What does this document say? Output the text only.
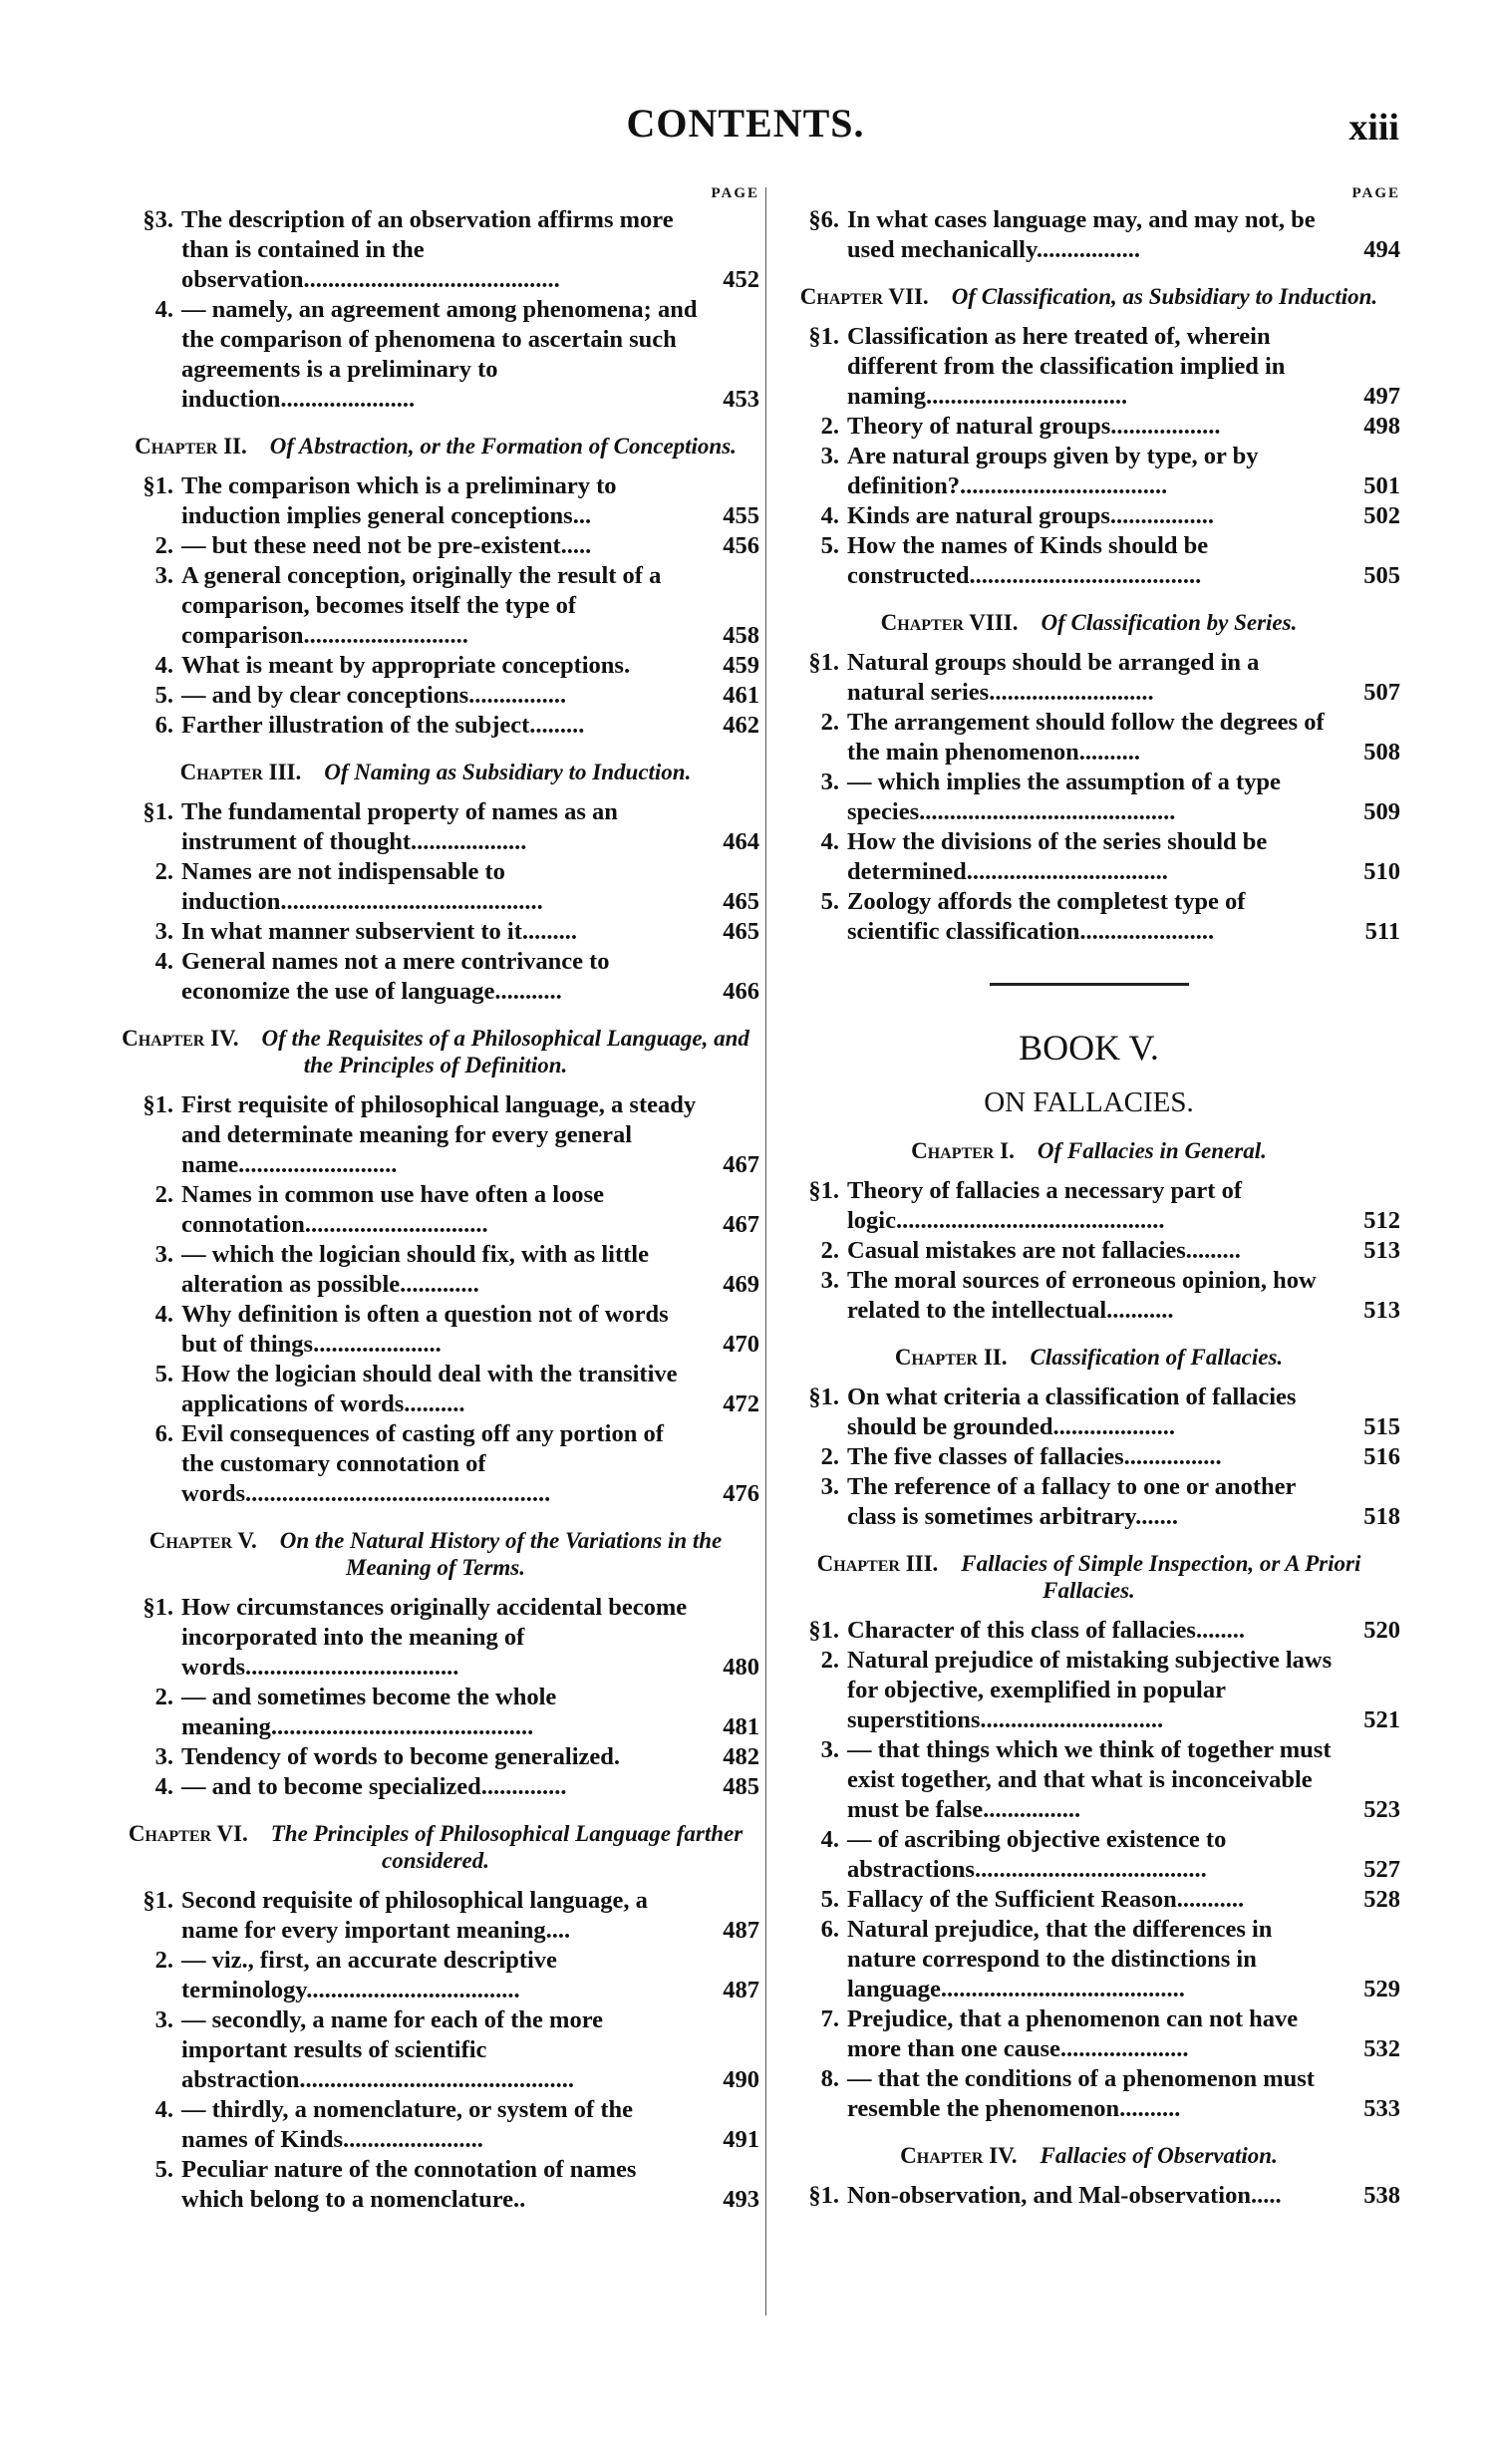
CONTENTS.	xiii
PAGE
§3. The description of an observation affirms more than is contained in the observation..........................................	452
4. — namely, an agreement among phenomena; and the comparison of phenomena to ascertain such agreements is a preliminary to induction......................	453
Chapter II.  Of Abstraction, or the Formation of Conceptions.
§1. The comparison which is a preliminary to induction implies general conceptions...	455
2. — but these need not be pre-existent.....	456
3. A general conception, originally the result of a comparison, becomes itself the type of comparison...........................	458
4. What is meant by appropriate conceptions.	459
5. — and by clear conceptions................	461
6. Farther illustration of the subject.........	462
Chapter III.  Of Naming as Subsidiary to Induction.
§1. The fundamental property of names as an instrument of thought...................	464
2. Names are not indispensable to induction...........................................	465
3. In what manner subservient to it.........	465
4. General names not a mere contrivance to economize the use of language...........	466
Chapter IV.  Of the Requisites of a Philosophical Language, and the Principles of Definition.
§1. First requisite of philosophical language, a steady and determinate meaning for every general name..........................	467
2. Names in common use have often a loose connotation..............................	467
3. — which the logician should fix, with as little alteration as possible.............	469
4. Why definition is often a question not of words but of things.....................	470
5. How the logician should deal with the transitive applications of words..........	472
6. Evil consequences of casting off any portion of the customary connotation of words..................................................	476
Chapter V.  On the Natural History of the Variations in the Meaning of Terms.
§1. How circumstances originally accidental become incorporated into the meaning of words...................................	480
2. — and sometimes become the whole meaning...........................................	481
3. Tendency of words to become generalized.	482
4. — and to become specialized..............	485
Chapter VI.  The Principles of Philosophical Language farther considered.
§1. Second requisite of philosophical language, a name for every important meaning....	487
2. — viz., first, an accurate descriptive terminology...................................	487
3. — secondly, a name for each of the more important results of scientific abstraction.............................................	490
4. — thirdly, a nomenclature, or system of the names of Kinds.......................	491
5. Peculiar nature of the connotation of names which belong to a nomenclature..	493
PAGE
§6. In what cases language may, and may not, be used mechanically.................	494
Chapter VII.  Of Classification, as Subsidiary to Induction.
§1. Classification as here treated of, wherein different from the classification implied in naming.................................	497
2. Theory of natural groups..................	498
3. Are natural groups given by type, or by definition?..................................	501
4. Kinds are natural groups.................	502
5. How the names of Kinds should be constructed......................................	505
Chapter VIII.  Of Classification by Series.
§1. Natural groups should be arranged in a natural series...........................	507
2. The arrangement should follow the degrees of the main phenomenon..........	508
3. — which implies the assumption of a type species..........................................	509
4. How the divisions of the series should be determined.................................	510
5. Zoology affords the completest type of scientific classification......................	511
BOOK V.
ON FALLACIES.
Chapter I.  Of Fallacies in General.
§1. Theory of fallacies a necessary part of logic............................................	512
2. Casual mistakes are not fallacies.........	513
3. The moral sources of erroneous opinion, how related to the intellectual...........	513
Chapter II.  Classification of Fallacies.
§1. On what criteria a classification of fallacies should be grounded....................	515
2. The five classes of fallacies................	516
3. The reference of a fallacy to one or another class is sometimes arbitrary.......	518
Chapter III.  Fallacies of Simple Inspection, or A Priori Fallacies.
§1. Character of this class of fallacies........	520
2. Natural prejudice of mistaking subjective laws for objective, exemplified in popular superstitions..............................	521
3. — that things which we think of together must exist together, and that what is inconceivable must be false................	523
4. — of ascribing objective existence to abstractions......................................	527
5. Fallacy of the Sufficient Reason...........	528
6. Natural prejudice, that the differences in nature correspond to the distinctions in language........................................	529
7. Prejudice, that a phenomenon can not have more than one cause.....................	532
8. — that the conditions of a phenomenon must resemble the phenomenon..........	533
Chapter IV.  Fallacies of Observation.
§1. Non-observation, and Mal-observation.....	538
